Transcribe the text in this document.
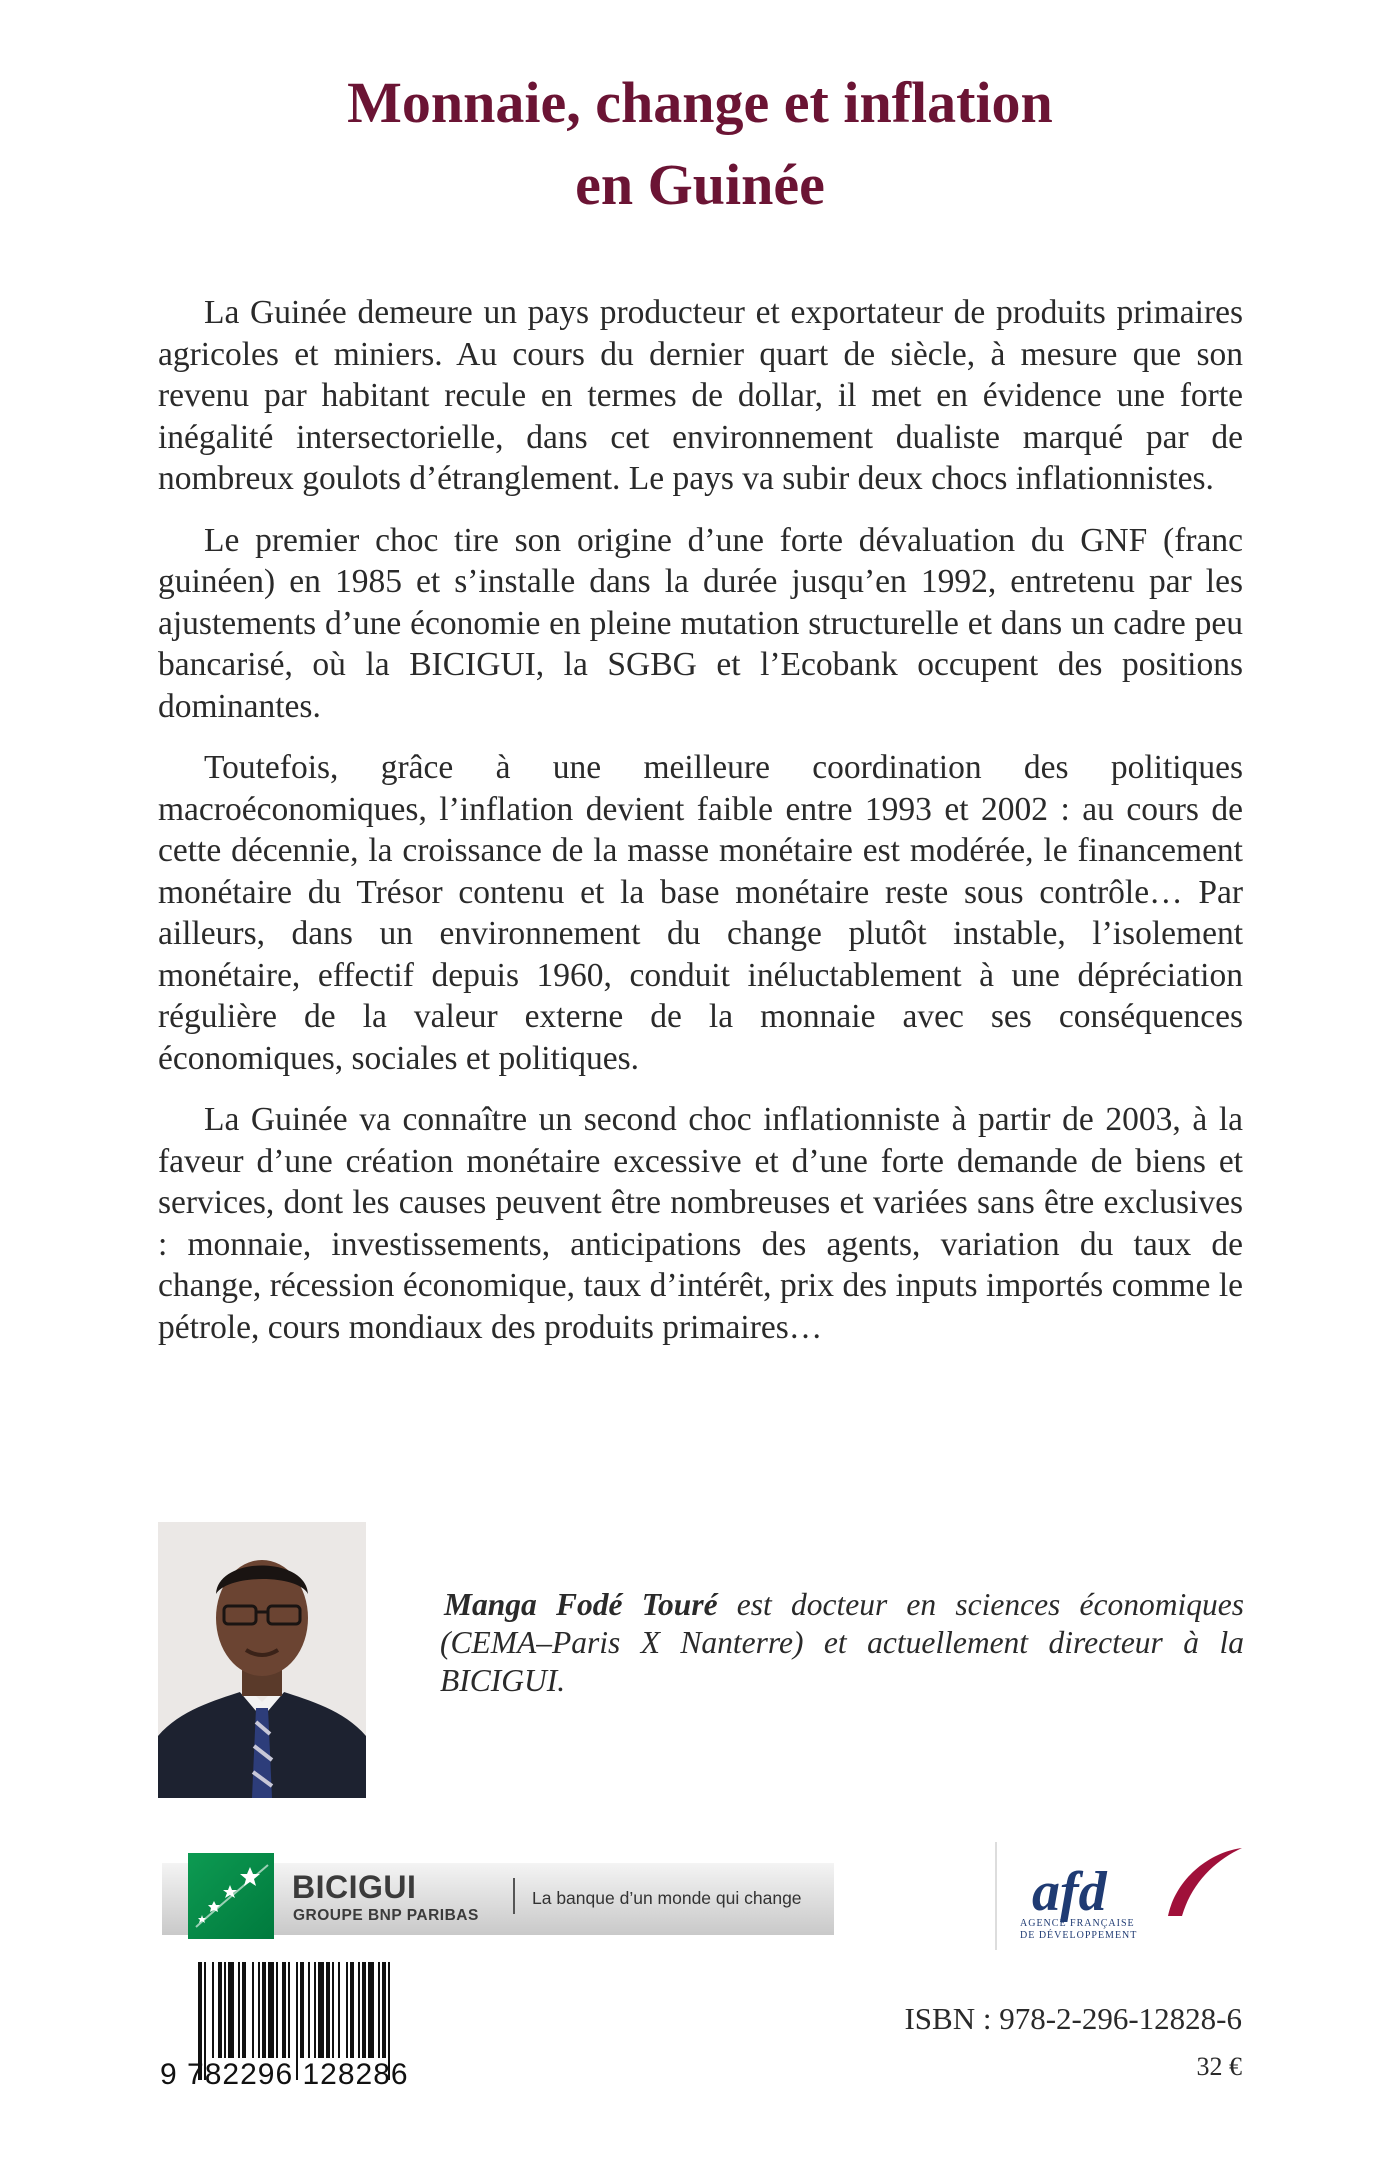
Monnaie, change et inflation
en Guinée

La Guinée demeure un pays producteur et exportateur de produits primaires agricoles et miniers. Au cours du dernier quart de siècle, à mesure que son revenu par habitant recule en termes de dollar, il met en évidence une forte inégalité intersectorielle, dans cet environnement dualiste marqué par de nombreux goulots d’étranglement. Le pays va subir deux chocs inflationnistes.

Le premier choc tire son origine d’une forte dévaluation du GNF (franc guinéen) en 1985 et s’installe dans la durée jusqu’en 1992, entretenu par les ajustements d’une économie en pleine mutation structurelle et dans un cadre peu bancarisé, où la BICIGUI, la SGBG et l’Ecobank occupent des positions dominantes.

Toutefois, grâce à une meilleure coordination des politiques macroéconomiques, l’inflation devient faible entre 1993 et 2002 : au cours de cette décennie, la croissance de la masse monétaire est modérée, le financement monétaire du Trésor contenu et la base monétaire reste sous contrôle… Par ailleurs, dans un environnement du change plutôt instable, l’isolement monétaire, effectif depuis 1960, conduit inéluctablement à une dépréciation régulière de la valeur externe de la monnaie avec ses conséquences économiques, sociales et politiques.

La Guinée va connaître un second choc inflationniste à partir de 2003, à la faveur d’une création monétaire excessive et d’une forte demande de biens et services, dont les causes peuvent être nombreuses et variées sans être exclusives : monnaie, investissements, anticipations des agents, variation du taux de change, récession économique, taux d’intérêt, prix des inputs importés comme le pétrole, cours mondiaux des produits primaires…

Manga Fodé Touré est docteur en sciences économiques (CEMA–Paris X Nanterre) et actuellement directeur à la BICIGUI.

BICIGUI
GROUPE BNP PARIBAS
La banque d’un monde qui change	afd
AGENCE FRANÇAISE
DE DÉVELOPPEMENT
9 782296 128286
ISBN : 978-2-296-12828-6
32 €
